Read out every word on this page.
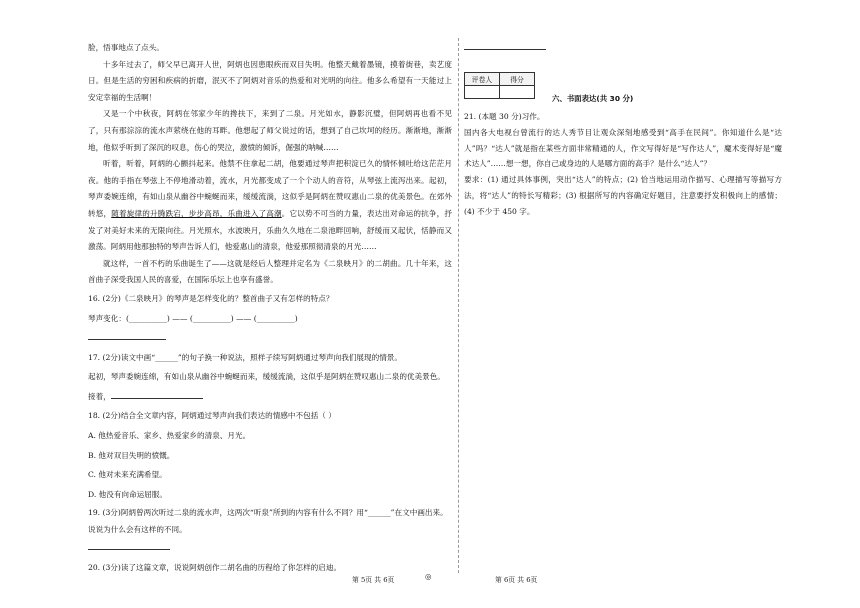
脸，悟事地点了点头。

十多年过去了，师父早已离开人世，阿炳也因患眼疾而双目失明。他整天戴着墨镜，摸着街巷，卖艺度日。但是生活的穷困和疾病的折磨，泯灭不了阿炳对音乐的热爱和对光明的向往。他多么希望有一天能过上安定幸福的生活啊！

又是一个中秋夜，阿炳在邻家少年的搀扶下，来到了二泉。月光如水，静影沉璧，但阿炳再也看不见了，只有那淙淙的流水声萦绕在他的耳畔。他想起了师父说过的话，想到了自己坎坷的经历。渐渐地，渐渐地，他似乎听到了深沉的叹息，伤心的哭泣，激愤的倾诉，倔强的呐喊……

听着，听着，阿炳的心颤抖起来。他禁不住拿起二胡，他要通过琴声把积淀已久的情怀倾吐给这茫茫月夜。他的手指在琴弦上不停地滑动着，流水，月光都变成了一个个动人的音符，从琴弦上流泻出来。起初，琴声委婉连绵，有如山泉从幽谷中蜿蜒而来，缓缓流淌，这似乎是阿炳在赞叹惠山二泉的优美景色。在郊外转悠，随着旋律的升腾跌宕，步步高昂，乐曲进入了高潮。它以势不可当的力量，表达出对命运的抗争，抒发了对美好未来的无限向往。月光照水，水波映月，乐曲久久地在二泉池畔回响，舒缓而又起伏，恬静而又激荡。阿炳用他那独特的琴声告诉人们，他爱惠山的清泉，他爱那照彻清泉的月光……

就这样，一首不朽的乐曲诞生了——这就是经后人整理并定名为《二泉映月》的二胡曲。几十年来，这首曲子深受我国人民的喜爱，在国际乐坛上也享有盛誉。

16. (2分)《二泉映月》的琴声是怎样变化的？整首曲子又有怎样的特点？

琴声变化：(__________) —— (__________) —— (__________)

17. (2分)读文中画“______”的句子换一种说法，照样子续写阿炳通过琴声向我们展现的情景。

起初，琴声委婉连绵，有如山泉从幽谷中蜿蜒而来，缓缓流淌，这似乎是阿炳在赞叹惠山二泉的优美景色。

接着，

18. (2分)结合全文章内容，阿炳通过琴声向我们表达的情感中不包括（ ）

A. 他热爱音乐、家乡、热爱家乡的清泉、月光。

B. 他对双目失明的愤慨。

C. 他对未来充满希望。

D. 他没有向命运屈服。

19. (3分)阿炳曾两次听过二泉的流水声，这两次“听泉”所到的内容有什么不同？用“______”在文中画出来。说说为什么会有这样的不同。

20. (3分)读了这篇文章，说说阿炳创作二胡名曲的历程给了你怎样的启迪。

评卷人	得分

六、书面表达(共 30 分)

21. (本题 30 分)习作。

国内各大电视台曾流行的达人秀节目让观众深刻地感受到“高手在民间”。你知道什么是“达人”吗？“达人”就是指在某些方面非常精通的人，作文写得好是“写作达人”，魔术变得好是“魔术达人”……想一想，你自己或身边的人是哪方面的高手？是什么“达人”？

要求：(1) 通过具体事例，突出“达人”的特点；(2) 恰当地运用动作描写、心理描写等描写方法，将“达人”的特长写精彩；(3) 根据所写的内容确定好题目，注意要抒发积极向上的感情；(4) 不少于 450 字。

第 5页 共 6页	◎	第 6页 共 6页
